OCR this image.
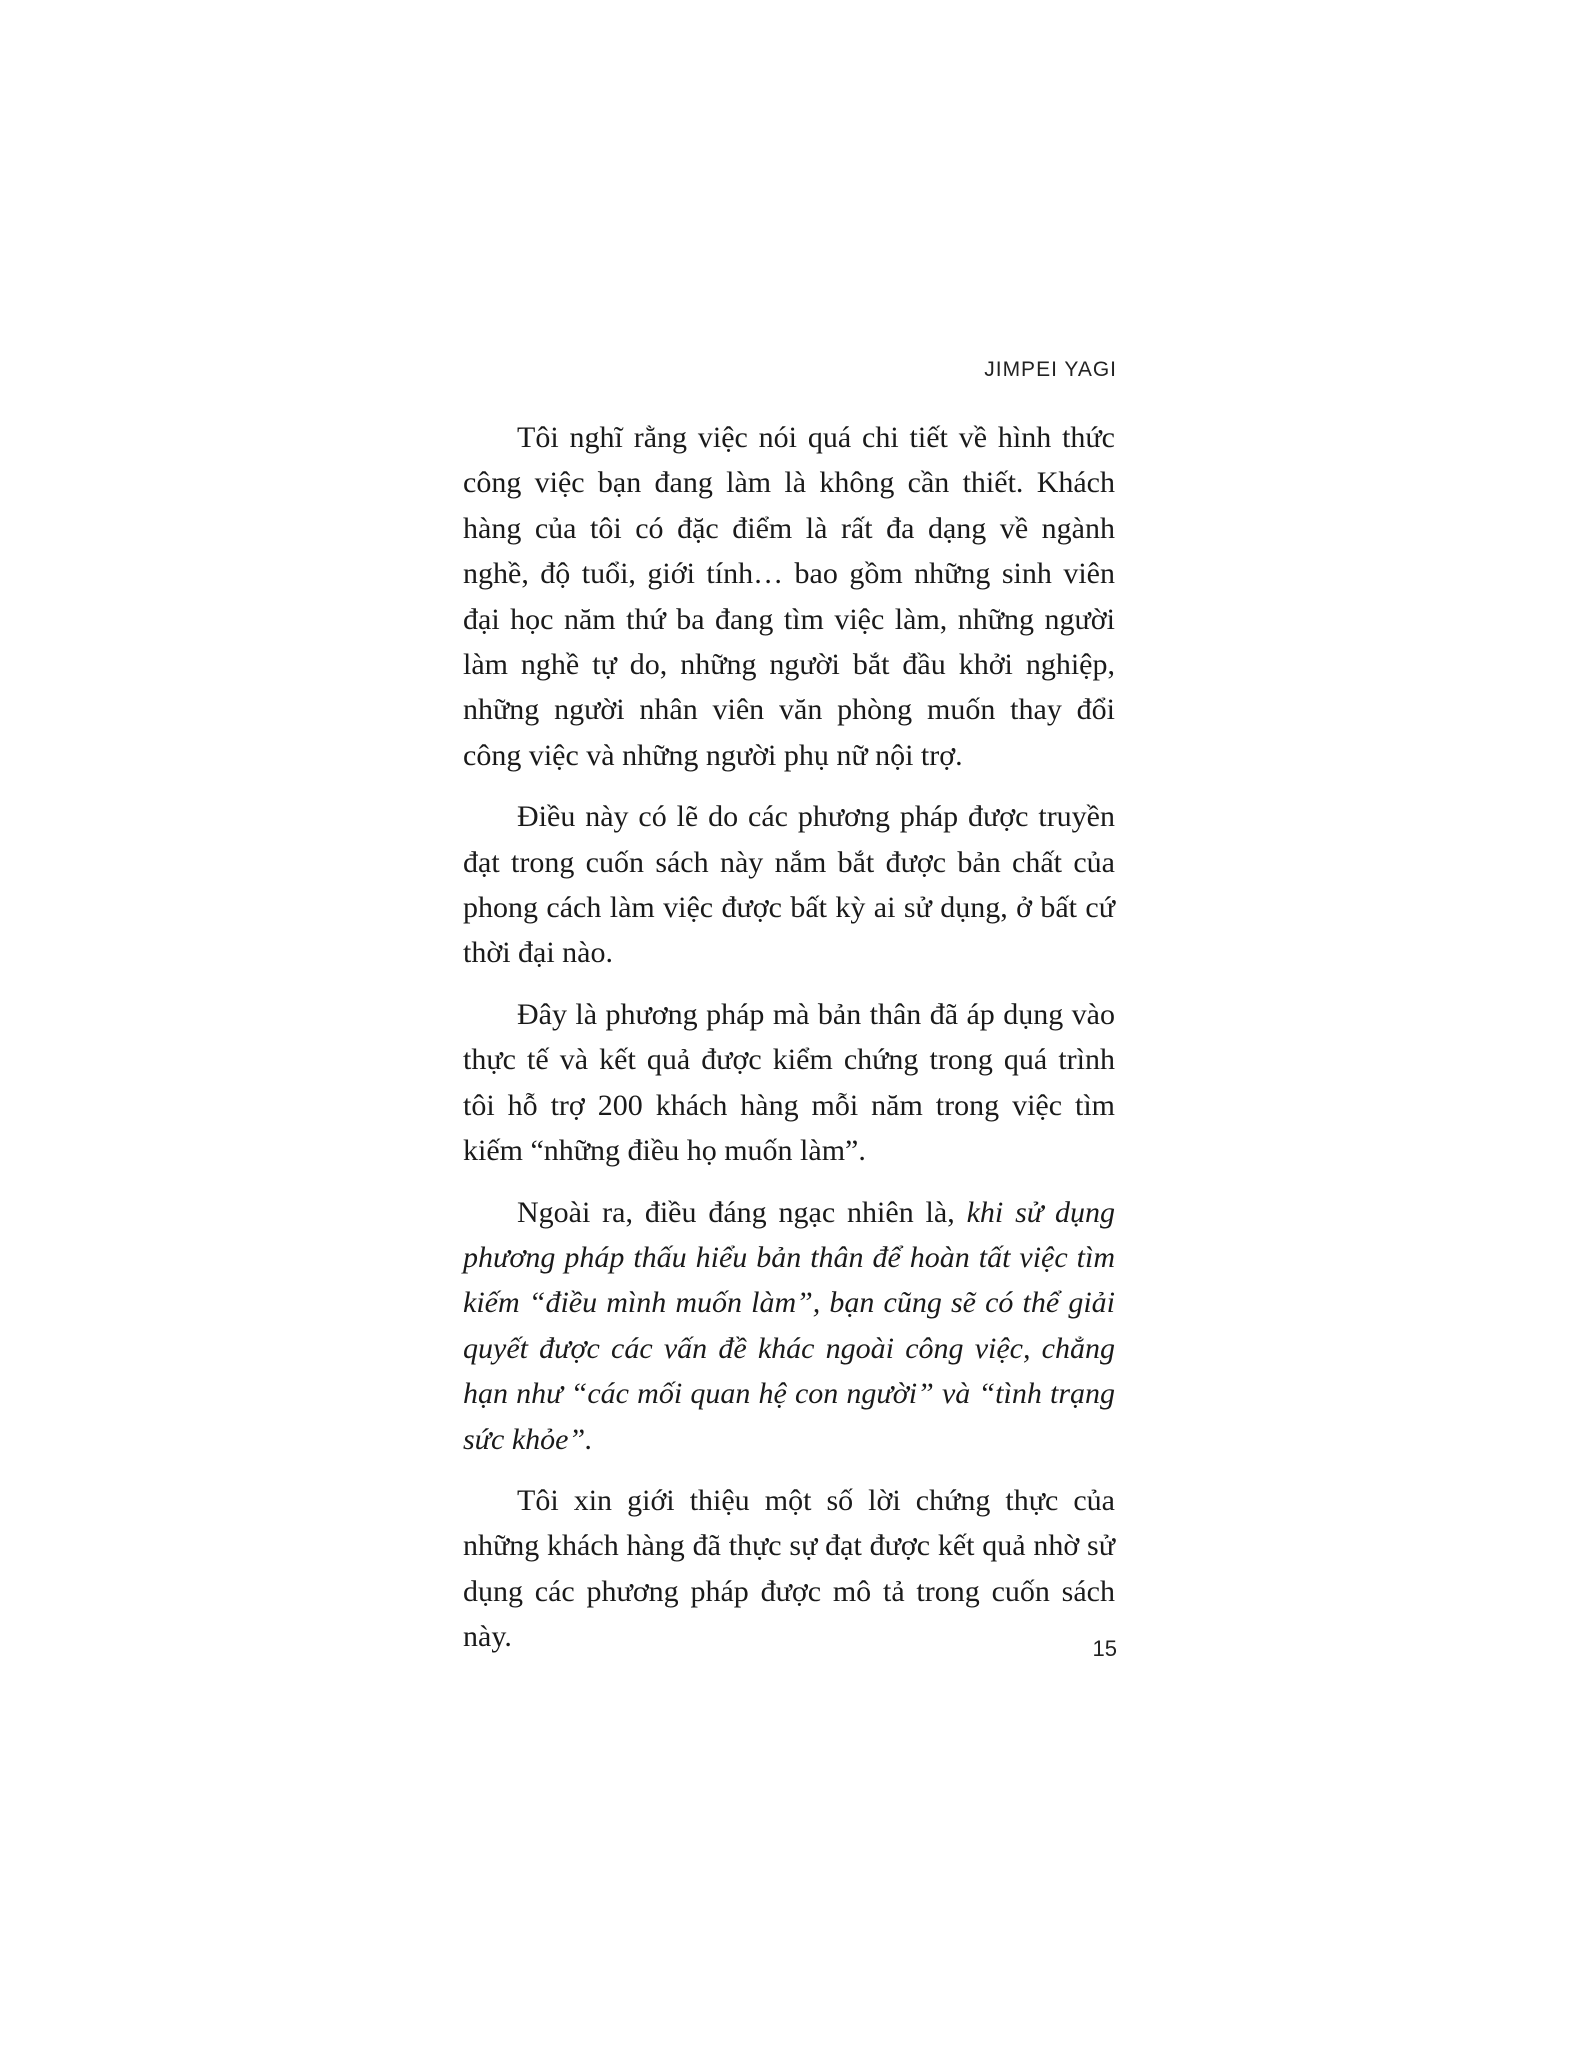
JIMPEI YAGI

Tôi nghĩ rằng việc nói quá chi tiết về hình thức công việc bạn đang làm là không cần thiết. Khách hàng của tôi có đặc điểm là rất đa dạng về ngành nghề, độ tuổi, giới tính… bao gồm những sinh viên đại học năm thứ ba đang tìm việc làm, những người làm nghề tự do, những người bắt đầu khởi nghiệp, những người nhân viên văn phòng muốn thay đổi công việc và những người phụ nữ nội trợ.

Điều này có lẽ do các phương pháp được truyền đạt trong cuốn sách này nắm bắt được bản chất của phong cách làm việc được bất kỳ ai sử dụng, ở bất cứ thời đại nào.

Đây là phương pháp mà bản thân đã áp dụng vào thực tế và kết quả được kiểm chứng trong quá trình tôi hỗ trợ 200 khách hàng mỗi năm trong việc tìm kiếm “những điều họ muốn làm”.

Ngoài ra, điều đáng ngạc nhiên là, khi sử dụng phương pháp thấu hiểu bản thân để hoàn tất việc tìm kiếm “điều mình muốn làm”, bạn cũng sẽ có thể giải quyết được các vấn đề khác ngoài công việc, chẳng hạn như “các mối quan hệ con người” và “tình trạng sức khỏe”.

Tôi xin giới thiệu một số lời chứng thực của những khách hàng đã thực sự đạt được kết quả nhờ sử dụng các phương pháp được mô tả trong cuốn sách này.	15
